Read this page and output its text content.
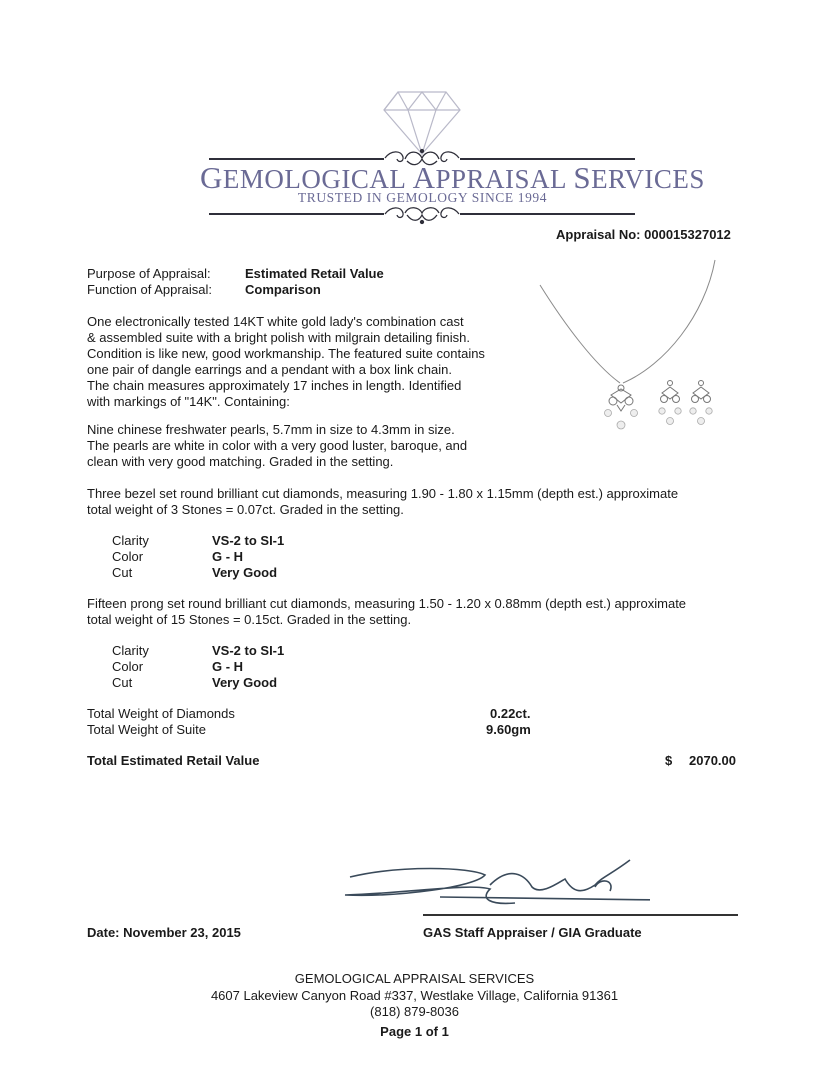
GEMOLOGICAL APPRAISAL SERVICES
TRUSTED IN GEMOLOGY SINCE 1994
Appraisal No: 000015327012
Purpose of Appraisal:	Estimated Retail Value
Function of Appraisal:	Comparison
One electronically tested 14KT white gold lady's combination cast
& assembled suite with a bright polish with milgrain detailing finish.
Condition is like new, good workmanship. The featured suite contains
one pair of dangle earrings and a pendant with a box link chain.
The chain measures approximately 17 inches in length. Identified
with markings of "14K". Containing:
Nine chinese freshwater pearls, 5.7mm in size to 4.3mm in size.
The pearls are white in color with a very good luster, baroque, and
clean with very good matching. Graded in the setting.
Three bezel set round brilliant cut diamonds, measuring 1.90 - 1.80 x 1.15mm (depth est.) approximate
total weight of 3 Stones = 0.07ct. Graded in the setting.
Clarity	VS-2 to SI-1
Color	G - H
Cut	Very Good
Fifteen prong set round brilliant cut diamonds, measuring 1.50 - 1.20 x 0.88mm (depth est.) approximate
total weight of 15 Stones = 0.15ct. Graded in the setting.
Clarity	VS-2 to SI-1
Color	G - H
Cut	Very Good
Total Weight of Diamonds	0.22ct.
Total Weight of Suite	9.60gm
Total Estimated Retail Value	$ 2070.00
GAS Staff Appraiser / GIA Graduate
Date: November 23, 2015
GEMOLOGICAL APPRAISAL SERVICES
4607 Lakeview Canyon Road #337, Westlake Village, California 91361
(818) 879-8036
Page 1 of 1
